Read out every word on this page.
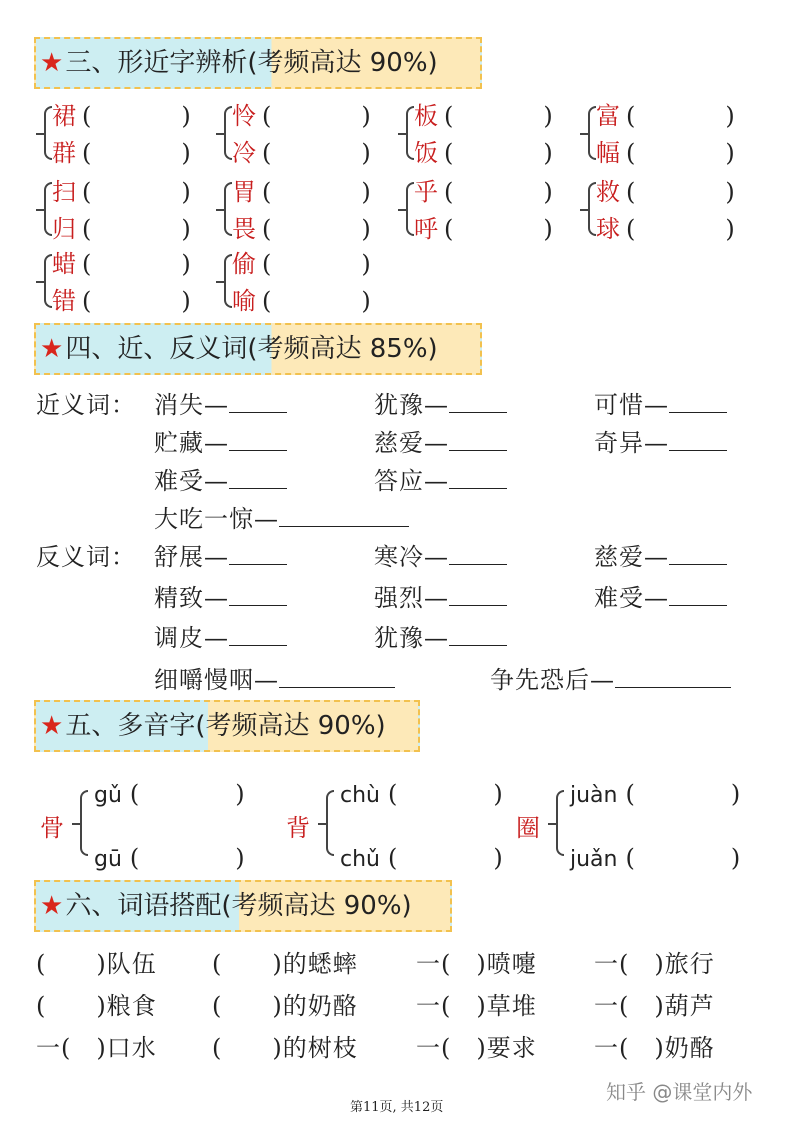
★三、形近字辨析(考频高达 90%)
裙 (　　)
群 (　　)
怜 (　　)
冷 (　　)
板 (　　)
饭 (　　)
富 (　　)
幅 (　　)
扫 (　　)
归 (　　)
胃 (　　)
畏 (　　)
乎 (　　)
呼 (　　)
救 (　　)
球 (　　)
蜡 (　　)
错 (　　)
偷 (　　)
喻 (　　)
★四、近、反义词(考频高达 85%)
近义词：
反义词：
消失—	犹豫—	可惜—
贮藏—	慈爱—	奇异—
难受—	答应—
大吃一惊—
舒展—	寒冷—	慈爱—
精致—	强烈—	难受—
调皮—	犹豫—
细嚼慢咽—	争先恐后—
★五、多音字(考频高达 90%)
骨
gǔ (　　)
gū (　　)
背
chù (　　)
chǔ (　　)
圈
juàn (　　)
juǎn (　　)
★六、词语搭配(考频高达 90%)
(　　)队伍 (　　)的蟋蟀 一(　)喷嚏 一(　)旅行
(　　)粮食 (　　)的奶酪 一(　)草堆 一(　)葫芦
一(　)口水 (　　)的树枝 一(　)要求 一(　)奶酪
知乎 @课堂内外
第11页, 共12页
